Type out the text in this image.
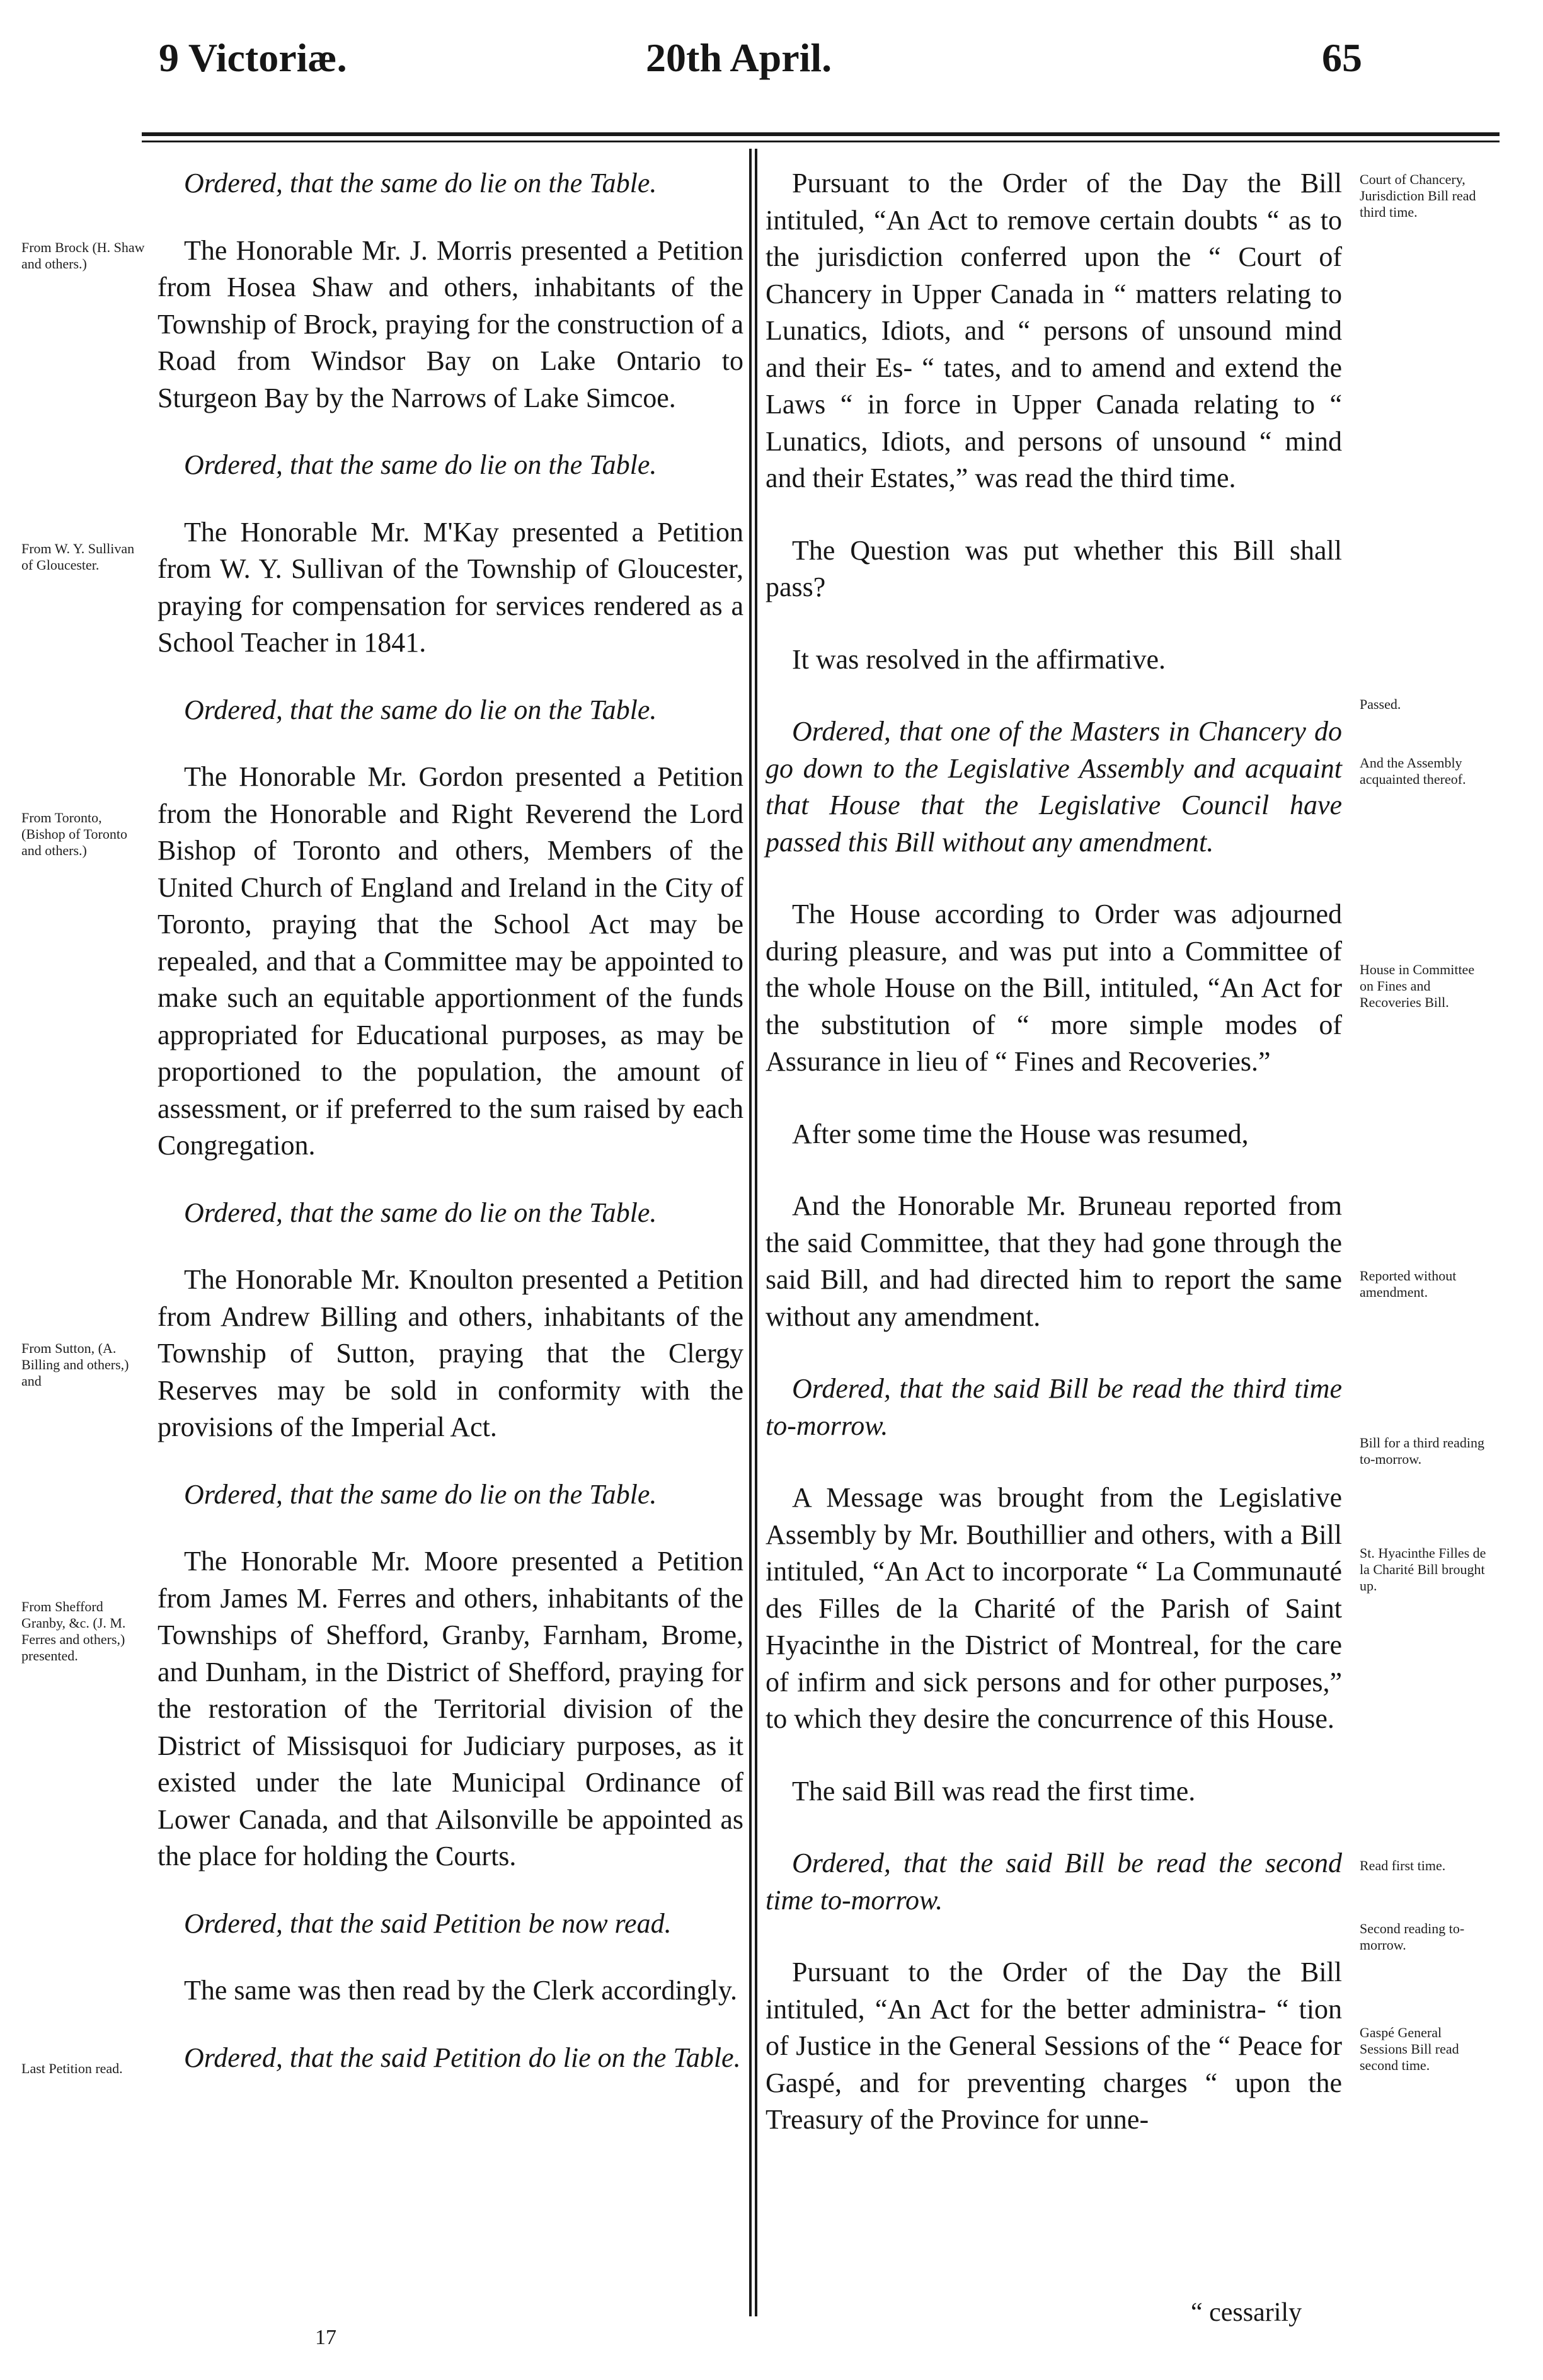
9 Victoriæ.	20th April.	65
From Brock (H. Shaw and others.)
From W. Y. Sullivan of Gloucester.
From Toronto, (Bishop of Toronto and others.)
From Sutton, (A. Billing and others,) and
From Shefford Granby, &c. (J. M. Ferres and others,) presented.
Last Petition read.
Court of Chancery, Jurisdiction Bill read third time.
Passed.
And the Assembly acquainted thereof.
House in Committee on Fines and Recoveries Bill.
Reported without amendment.
Bill for a third reading to-morrow.
St. Hyacinthe Filles de la Charité Bill brought up.
Read first time.
Second reading to-morrow.
Gaspé General Sessions Bill read second time.

Ordered, that the same do lie on the Table.

The Honorable Mr. J. Morris presented a Petition from Hosea Shaw and others, inhabitants of the Township of Brock, praying for the construction of a Road from Windsor Bay on Lake Ontario to Sturgeon Bay by the Narrows of Lake Simcoe.

Ordered, that the same do lie on the Table.

The Honorable Mr. M'Kay presented a Petition from W. Y. Sullivan of the Township of Gloucester, praying for compensation for services rendered as a School Teacher in 1841.

Ordered, that the same do lie on the Table.

The Honorable Mr. Gordon presented a Petition from the Honorable and Right Reverend the Lord Bishop of Toronto and others, Members of the United Church of England and Ireland in the City of Toronto, praying that the School Act may be repealed, and that a Committee may be appointed to make such an equitable apportionment of the funds appropriated for Educational purposes, as may be proportioned to the population, the amount of assessment, or if preferred to the sum raised by each Congregation.

Ordered, that the same do lie on the Table.

The Honorable Mr. Knoulton presented a Petition from Andrew Billing and others, inhabitants of the Township of Sutton, praying that the Clergy Reserves may be sold in conformity with the provisions of the Imperial Act.

Ordered, that the same do lie on the Table.

The Honorable Mr. Moore presented a Petition from James M. Ferres and others, inhabitants of the Townships of Shefford, Granby, Farnham, Brome, and Dunham, in the District of Shefford, praying for the restoration of the Territorial division of the District of Missisquoi for Judiciary purposes, as it existed under the late Municipal Ordinance of Lower Canada, and that Ailsonville be appointed as the place for holding the Courts.

Ordered, that the said Petition be now read.

The same was then read by the Clerk accordingly.

Ordered, that the said Petition do lie on the Table.

Pursuant to the Order of the Day the Bill intituled, “An Act to remove certain doubts “ as to the jurisdiction conferred upon the “ Court of Chancery in Upper Canada in “ matters relating to Lunatics, Idiots, and “ persons of unsound mind and their Es- “ tates, and to amend and extend the Laws “ in force in Upper Canada relating to “ Lunatics, Idiots, and persons of unsound “ mind and their Estates,” was read the third time.

The Question was put whether this Bill shall pass?

It was resolved in the affirmative.

Ordered, that one of the Masters in Chancery do go down to the Legislative Assembly and acquaint that House that the Legislative Council have passed this Bill without any amendment.

The House according to Order was adjourned during pleasure, and was put into a Committee of the whole House on the Bill, intituled, “An Act for the substitution of “ more simple modes of Assurance in lieu of “ Fines and Recoveries.”

After some time the House was resumed,

And the Honorable Mr. Bruneau reported from the said Committee, that they had gone through the said Bill, and had directed him to report the same without any amendment.

Ordered, that the said Bill be read the third time to-morrow.

A Message was brought from the Legislative Assembly by Mr. Bouthillier and others, with a Bill intituled, “An Act to incorporate “ La Communauté des Filles de la Charité of the Parish of Saint Hyacinthe in the District of Montreal, for the care of infirm and sick persons and for other purposes,” to which they desire the concurrence of this House.

The said Bill was read the first time.

Ordered, that the said Bill be read the second time to-morrow.

Pursuant to the Order of the Day the Bill intituled, “An Act for the better administra- “ tion of Justice in the General Sessions of the “ Peace for Gaspé, and for preventing charges “ upon the Treasury of the Province for unne-

17
“ cessarily
